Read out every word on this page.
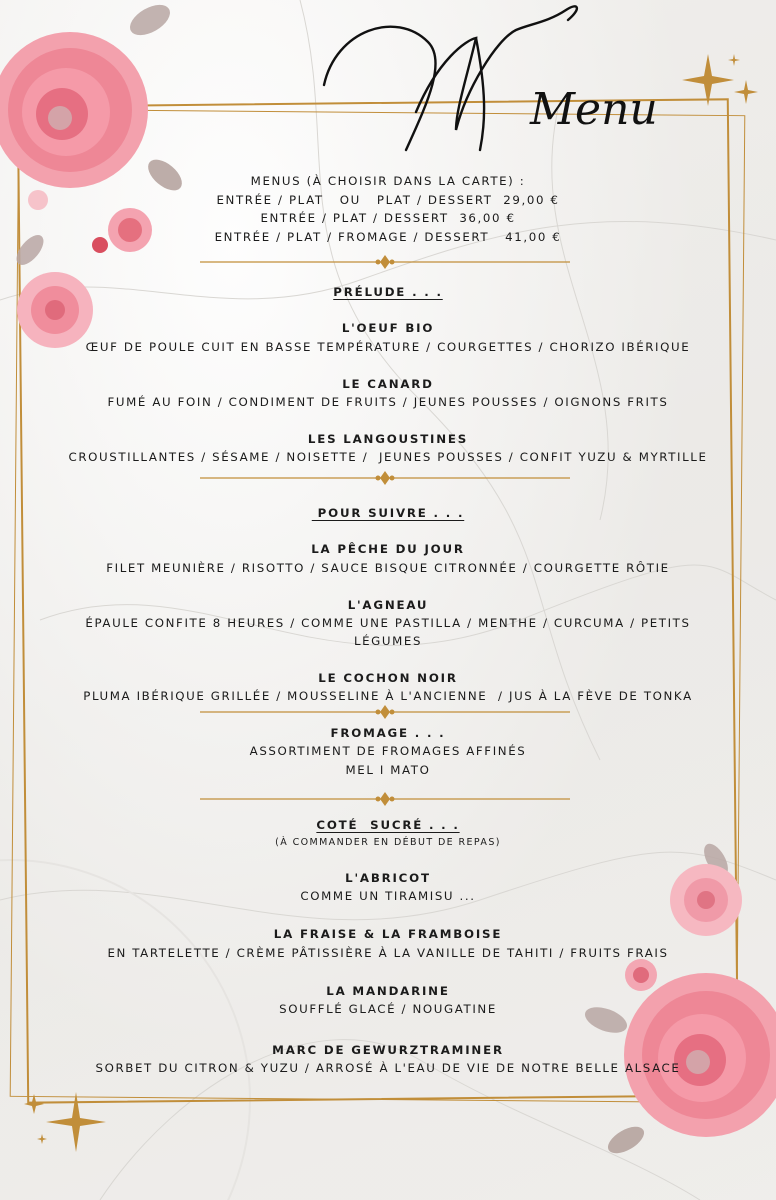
Menu
MENUS (À CHOISIR DANS LA CARTE) :
ENTRÉE / PLAT   OU   PLAT / DESSERT  29,00 €
ENTRÉE / PLAT / DESSERT  36,00 €
ENTRÉE / PLAT / FROMAGE / DESSERT   41,00 €
PRÉLUDE . . .
L'OEUF BIO
ŒUF DE POULE CUIT EN BASSE TEMPÉRATURE / COURGETTES / CHORIZO IBÉRIQUE
LE CANARD
FUMÉ AU FOIN / CONDIMENT DE FRUITS / JEUNES POUSSES / OIGNONS FRITS
LES LANGOUSTINES
CROUSTILLANTES / SÉSAME / NOISETTE /  JEUNES POUSSES / CONFIT YUZU & MYRTILLE
POUR SUIVRE . . .
LA PÊCHE DU JOUR
FILET MEUNIÈRE / RISOTTO / SAUCE BISQUE CITRONNÉE / COURGETTE RÔTIE
L'AGNEAU
ÉPAULE CONFITE 8 HEURES / COMME UNE PASTILLA / MENTHE / CURCUMA / PETITS
LÉGUMES
LE COCHON NOIR
PLUMA IBÉRIQUE GRILLÉE / MOUSSELINE À L'ANCIENNE  / JUS À LA FÈVE DE TONKA
FROMAGE . . .
ASSORTIMENT DE FROMAGES AFFINÉS
MEL I MATO
COTÉ  SUCRÉ . . .
(À COMMANDER EN DÉBUT DE REPAS)
L'ABRICOT
COMME UN TIRAMISU ...
LA FRAISE & LA FRAMBOISE
EN TARTELETTE / CRÈME PÂTISSIÈRE À LA VANILLE DE TAHITI / FRUITS FRAIS
LA MANDARINE
SOUFFLÉ GLACÉ / NOUGATINE
MARC DE GEWURZTRAMINER
SORBET DU CITRON & YUZU / ARROSÉ À L'EAU DE VIE DE NOTRE BELLE ALSACE
